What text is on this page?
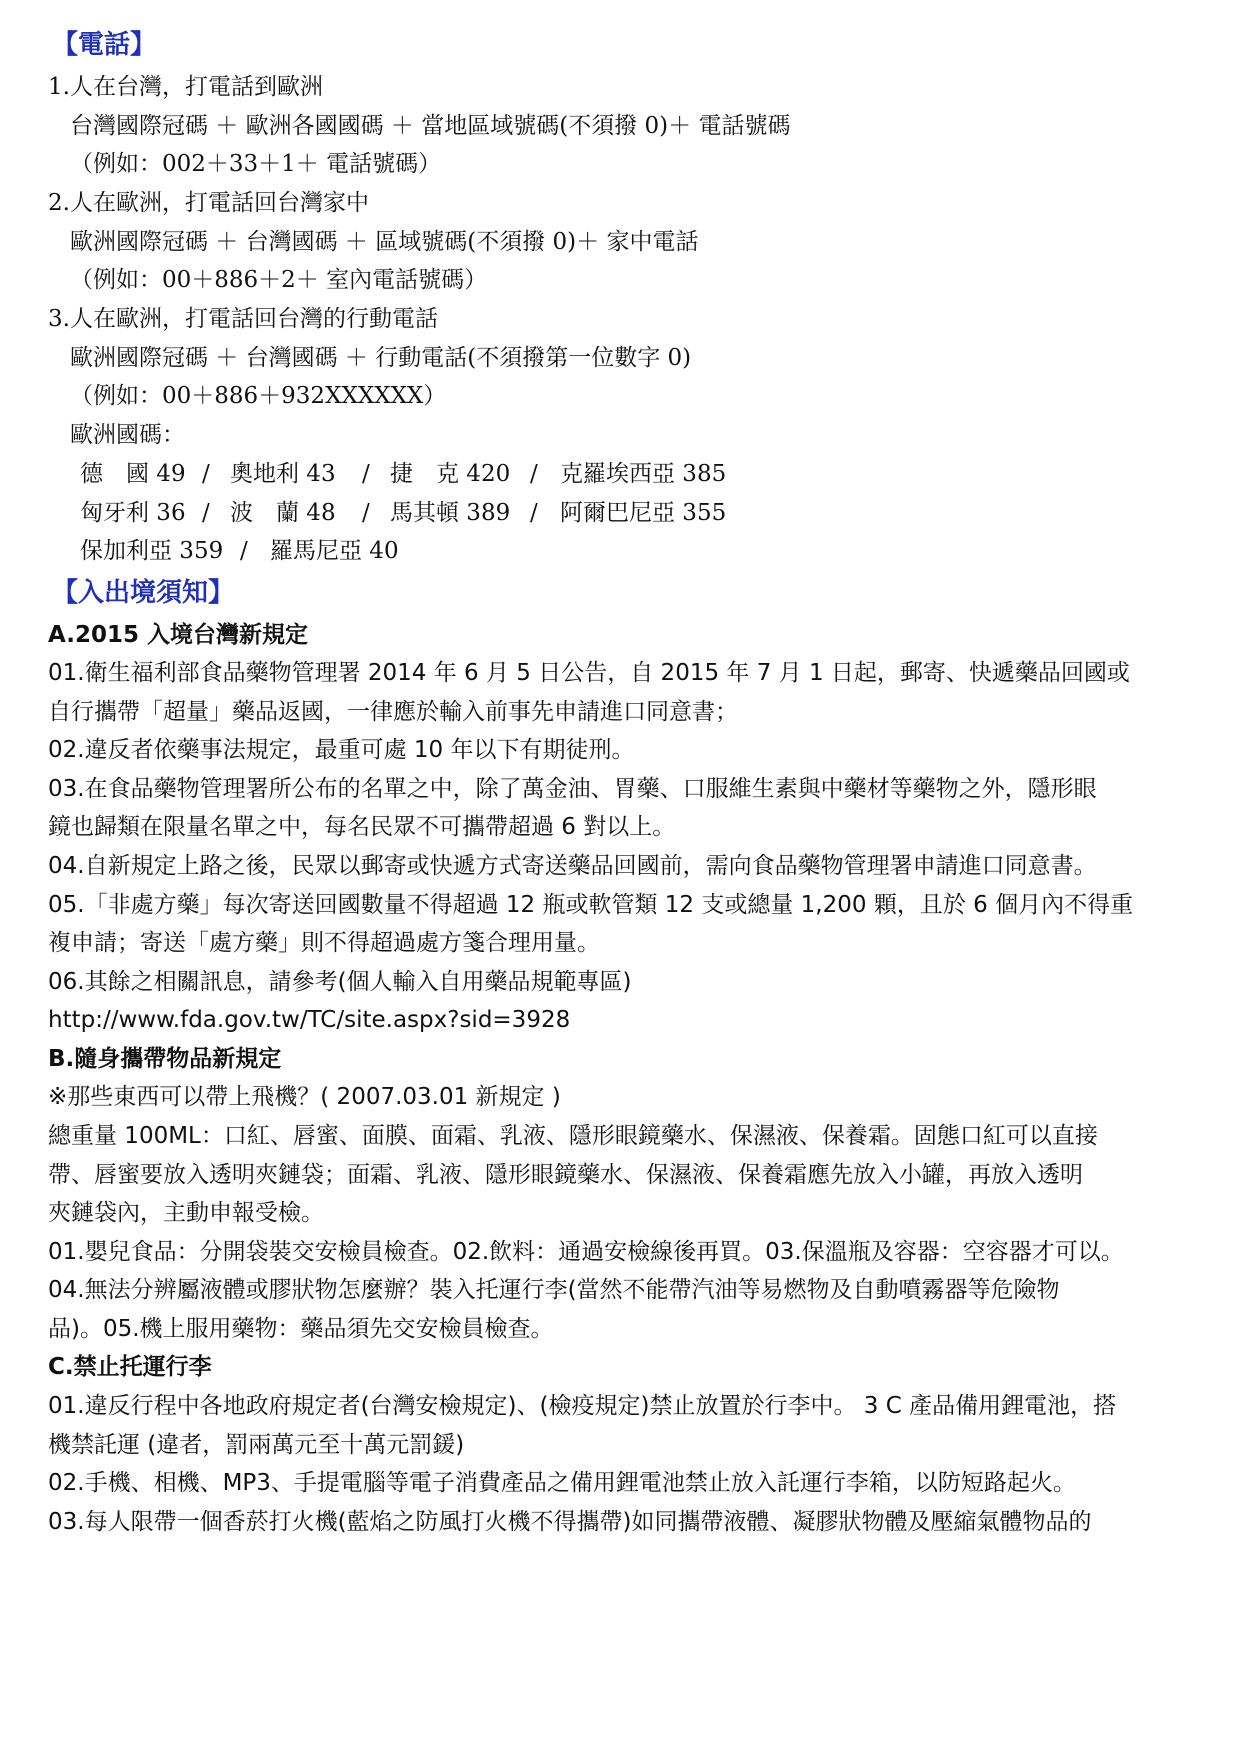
【電話】
1.人在台灣，打電話到歐洲
台灣國際冠碼 ＋ 歐洲各國國碼 ＋ 當地區域號碼(不須撥 0)＋ 電話號碼
（例如：002＋33＋1＋ 電話號碼）
2.人在歐洲，打電話回台灣家中
歐洲國際冠碼 ＋ 台灣國碼 ＋ 區域號碼(不須撥 0)＋ 家中電話
（例如：00＋886＋2＋ 室內電話號碼）
3.人在歐洲，打電話回台灣的行動電話
歐洲國際冠碼 ＋ 台灣國碼 ＋ 行動電話(不須撥第一位數字 0)
（例如：00＋886＋932XXXXXX）
歐洲國碼：
德　國 49 / 奧地利 43 / 捷　克 420 / 克羅埃西亞 385
匈牙利 36 / 波　蘭 48 / 馬其頓 389 / 阿爾巴尼亞 355
保加利亞 359 / 羅馬尼亞 40
【入出境須知】
A.2015 入境台灣新規定
01.衛生福利部食品藥物管理署 2014 年 6 月 5 日公告，自 2015 年 7 月 1 日起，郵寄、快遞藥品回國或
自行攜帶「超量」藥品返國，一律應於輸入前事先申請進口同意書；
02.違反者依藥事法規定，最重可處 10 年以下有期徒刑。
03.在食品藥物管理署所公布的名單之中，除了萬金油、胃藥、口服維生素與中藥材等藥物之外，隱形眼
鏡也歸類在限量名單之中，每名民眾不可攜帶超過 6 對以上。
04.自新規定上路之後，民眾以郵寄或快遞方式寄送藥品回國前，需向食品藥物管理署申請進口同意書。
05.「非處方藥」每次寄送回國數量不得超過 12 瓶或軟管類 12 支或總量 1,200 顆，且於 6 個月內不得重
複申請；寄送「處方藥」則不得超過處方箋合理用量。
06.其餘之相關訊息，請參考(個人輸入自用藥品規範專區)
http://www.fda.gov.tw/TC/site.aspx?sid=3928
B.隨身攜帶物品新規定
※那些東西可以帶上飛機？( 2007.03.01 新規定 )
總重量 100ML：口紅、唇蜜、面膜、面霜、乳液、隱形眼鏡藥水、保濕液、保養霜。固態口紅可以直接
帶、唇蜜要放入透明夾鏈袋；面霜、乳液、隱形眼鏡藥水、保濕液、保養霜應先放入小罐，再放入透明
夾鏈袋內，主動申報受檢。
01.嬰兒食品：分開袋裝交安檢員檢查。02.飲料：通過安檢線後再買。03.保溫瓶及容器：空容器才可以。
04.無法分辨屬液體或膠狀物怎麼辦？裝入托運行李(當然不能帶汽油等易燃物及自動噴霧器等危險物
品)。05.機上服用藥物：藥品須先交安檢員檢查。
C.禁止托運行李
01.違反行程中各地政府規定者(台灣安檢規定)、(檢疫規定)禁止放置於行李中。 3 C 產品備用鋰電池，搭
機禁託運 (違者，罰兩萬元至十萬元罰鍰)
02.手機、相機、MP3、手提電腦等電子消費產品之備用鋰電池禁止放入託運行李箱，以防短路起火。
03.每人限帶一個香菸打火機(藍焰之防風打火機不得攜帶)如同攜帶液體、凝膠狀物體及壓縮氣體物品的
